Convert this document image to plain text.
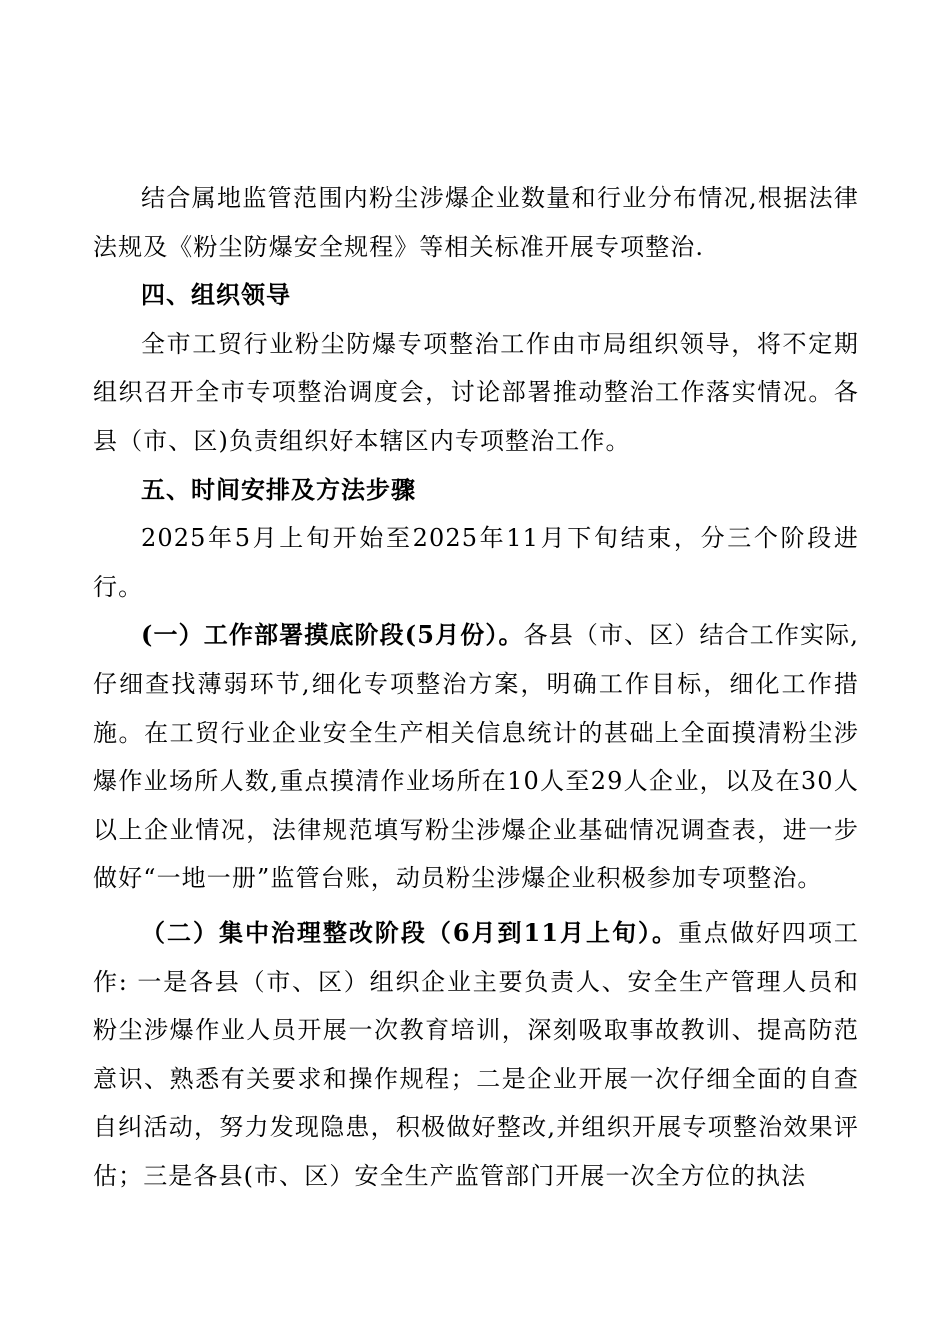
结合属地监管范围内粉尘涉爆企业数量和行业分布情况,根据法律法规及《粉尘防爆安全规程》等相关标准开展专项整治.

四、组织领导

全市工贸行业粉尘防爆专项整治工作由市局组织领导，将不定期组织召开全市专项整治调度会，讨论部署推动整治工作落实情况。各县（市、区)负责组织好本辖区内专项整治工作。

五、时间安排及方法步骤

2025年5月上旬开始至2025年11月下旬结束，分三个阶段进行。

(一）工作部署摸底阶段(5月份）。各县（市、区）结合工作实际,仔细查找薄弱环节,细化专项整治方案，明确工作目标，细化工作措施。在工贸行业企业安全生产相关信息统计的甚础上全面摸清粉尘涉爆作业场所人数,重点摸清作业场所在10人至29人企业，以及在30人以上企业情况，法律规范填写粉尘涉爆企业基础情况调查表，进一步做好“一地一册”监管台账，动员粉尘涉爆企业积极参加专项整治。

（二）集中治理整改阶段（6月到11月上旬）。重点做好四项工作: 一是各县（市、区）组织企业主要负责人、安全生产管理人员和粉尘涉爆作业人员开展一次教育培训，深刻吸取事故教训、提高防范意识、熟悉有关要求和操作规程；二是企业开展一次仔细全面的自查自纠活动，努力发现隐患，积极做好整改,并组织开展专项整治效果评估；三是各县(市、区）安全生产监管部门开展一次全方位的执法
